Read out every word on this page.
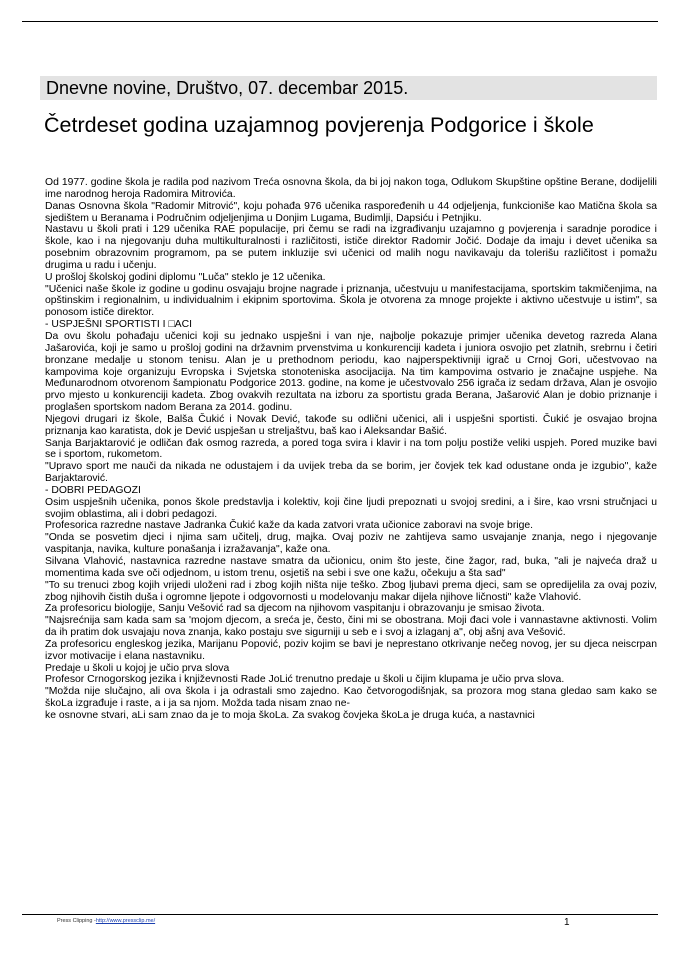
Dnevne novine, Društvo, 07. decembar 2015.
Četrdeset godina uzajamnog povjerenja Podgorice i škole

Od 1977. godine škola je radila pod nazivom Treća osnovna škola, da bi joj nakon toga, Odlukom Skupštine opštine Berane, dodijelili ime narodnog heroja Radomira Mitrovića.

Danas Osnovna škola "Radomir Mitrović", koju pohađa 976 učenika raspoređenih u 44 odjeljenja, funkcioniše kao Matična škola sa sjedištem u Beranama i Područnim odjeljenjima u Donjim Lugama, Budimlji, Dapsiću i Petnjiku.

Nastavu u školi prati i 129 učenika RAE populacije, pri čemu se radi na izgrađivanju uzajamno g povjerenja i saradnje porodice i škole, kao i na njegovanju duha multikulturalnosti i različitosti, ističe direktor Radomir Jočić. Dodaje da imaju i devet učenika sa posebnim obrazovnim programom, pa se putem inkluzije svi učenici od malih nogu navikavaju da tolerišu različitost i pomažu drugima u radu i učenju.

U prošloj školskoj godini diplomu "Luča" steklo je 12 učenika.

"Učenici naše škole iz godine u godinu osvajaju brojne nagrade i priznanja, učestvuju u manifestacijama, sportskim takmičenjima, na opštinskim i regionalnim, u individualnim i ekipnim sportovima. Škola je otvorena za mnoge projekte i aktivno učestvuje u istim", sa ponosom ističe direktor.

- USPJEŠNI SPORTISTI I □ACI

Da ovu školu pohađaju učenici koji su jednako uspješni i van nje, najbolje pokazuje primjer učenika devetog razreda Alana Jašarovića, koji je samo u prošloj godini na državnim prvenstvima u konkurenciji kadeta i juniora osvojio pet zlatnih, srebrnu i četiri bronzane medalje u stonom tenisu. Alan je u prethodnom periodu, kao najperspektivniji igrač u Crnoj Gori, učestvovao na kampovima koje organizuju Evropska i Svjetska stonoteniska asocijacija. Na tim kampovima ostvario je značajne uspjehe. Na Međunarodnom otvorenom šampionatu Podgorice 2013. godine, na kome je učestvovalo 256 igrača iz sedam država, Alan je osvojio prvo mjesto u konkurenciji kadeta. Zbog ovakvih rezultata na izboru za sportistu grada Berana, Jašarović Alan je dobio priznanje i proglašen sportskom nadom Berana za 2014. godinu.

Njegovi drugari iz škole, Balša Čukić i Novak Dević, takođe su odlični učenici, ali i uspješni sportisti. Čukić je osvajao brojna priznanja kao karatista, dok je Dević uspješan u streljaštvu, baš kao i Aleksandar Bašić.

Sanja Barjaktarović je odličan đak osmog razreda, a pored toga svira i klavir i na tom polju postiže veliki uspjeh. Pored muzike bavi se i sportom, rukometom.

"Upravo sport me nauči da nikada ne odustajem i da uvijek treba da se borim, jer čovjek tek kad odustane onda je izgubio", kaže Barjaktarović.

- DOBRI PEDAGOZI

Osim uspješnih učenika, ponos škole predstavlja i kolektiv, koji čine ljudi prepoznati u svojoj sredini, a i šire, kao vrsni stručnjaci u svojim oblastima, ali i dobri pedagozi.

Profesorica razredne nastave Jadranka Čukić kaže da kada zatvori vrata učionice zaboravi na svoje brige.

"Onda se posvetim djeci i njima sam učitelj, drug, majka. Ovaj poziv ne zahtijeva samo usvajanje znanja, nego i njegovanje vaspitanja, navika, kulture ponašanja i izražavanja", kaže ona.

Silvana Vlahović, nastavnica razredne nastave smatra da učionicu, onim što jeste, čine žagor, rad, buka, "ali je najveća draž u momentima kada sve oči odjednom, u istom trenu, osjetiš na sebi i sve one kažu, očekuju a šta sad"

"To su trenuci zbog kojih vrijedi uloženi rad i zbog kojih ništa nije teško. Zbog ljubavi prema djeci, sam se opredijelila za ovaj poziv, zbog njihovih čistih duša i ogromne ljepote i odgovornosti u modelovanju makar dijela njihove ličnosti" kaže Vlahović.

Za profesoricu biologije, Sanju Vešović rad sa djecom na njihovom vaspitanju i obrazovanju je smisao života.

"Najsrećnija sam kada sam sa 'mojom djecom, a sreća je, često, čini mi se obostrana. Moji đaci vole i vannastavne aktivnosti. Volim da ih pratim dok usvajaju nova znanja, kako postaju sve sigurniji u seb e i svoj a izlaganj a", obj ašnj ava Vešović.

Za profesoricu engleskog jezika, Marijanu Popović, poziv kojim se bavi je neprestano otkrivanje nečeg novog, jer su djeca neiscrpan izvor motivacije i elana nastavniku.

Predaje u školi u kojoj je učio prva slova

Profesor Crnogorskog jezika i književnosti Rade JoLić trenutno predaje u školi u čijim klupama je učio prva slova.

"Možda nije slučajno, ali ova škola i ja odrastali smo zajedno. Kao četvorogodišnjak, sa prozora mog stana gledao sam kako se škoLa izgrađuje i raste, a i ja sa njom. Možda tada nisam znao ne-

ke osnovne stvari, aLi sam znao da je to moja škoLa. Za svakog čovjeka škoLa je druga kuća, a nastavnici

Press Clipping -http://www.pressclip.me/	1
